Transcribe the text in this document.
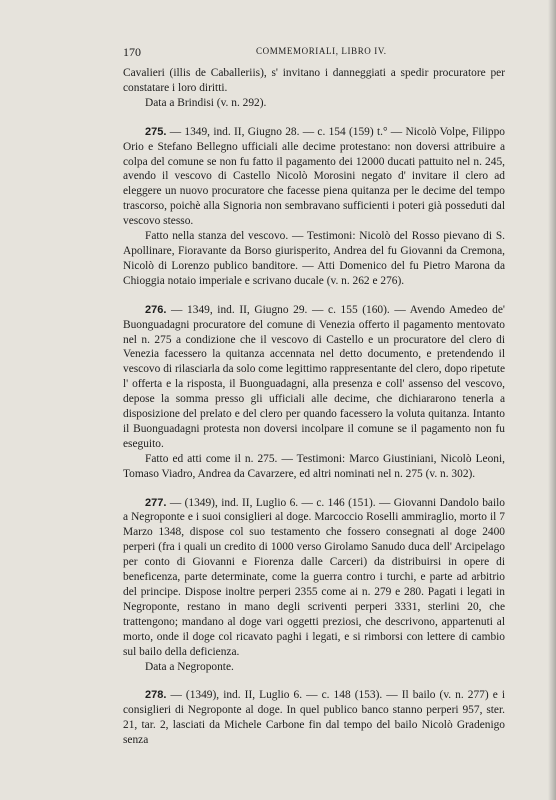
170	COMMEMORIALI, LIBRO IV.

Cavalieri (illis de Caballeriis), s' invitano i danneggiati a spedir procuratore per constatare i loro diritti.

Data a Brindisi (v. n. 292).

275. — 1349, ind. II, Giugno 28. — c. 154 (159) t.° — Nicolò Volpe, Filippo Orio e Stefano Bellegno ufficiali alle decime protestano: non doversi attribuire a colpa del comune se non fu fatto il pagamento dei 12000 ducati pattuito nel n. 245, avendo il vescovo di Castello Nicolò Morosini negato d' invitare il clero ad eleggere un nuovo procuratore che facesse piena quitanza per le decime del tempo trascorso, poichè alla Signoria non sembravano sufficienti i poteri già posseduti dal vescovo stesso.

Fatto nella stanza del vescovo. — Testimoni: Nicolò del Rosso pievano di S. Apollinare, Fioravante da Borso giurisperito, Andrea del fu Giovanni da Cremona, Nicolò di Lorenzo publico banditore. — Atti Domenico del fu Pietro Marona da Chioggia notaio imperiale e scrivano ducale (v. n. 262 e 276).

276. — 1349, ind. II, Giugno 29. — c. 155 (160). — Avendo Amedeo de' Buonguadagni procuratore del comune di Venezia offerto il pagamento mentovato nel n. 275 a condizione che il vescovo di Castello e un procuratore del clero di Venezia facessero la quitanza accennata nel detto documento, e pretendendo il vescovo di rilasciarla da solo come legittimo rappresentante del clero, dopo ripetute l' offerta e la risposta, il Buonguadagni, alla presenza e coll' assenso del vescovo, depose la somma presso gli ufficiali alle decime, che dichiararono tenerla a disposizione del prelato e del clero per quando facessero la voluta quitanza. Intanto il Buonguadagni protesta non doversi incolpare il comune se il pagamento non fu eseguito.

Fatto ed atti come il n. 275. — Testimoni: Marco Giustiniani, Nicolò Leoni, Tomaso Viadro, Andrea da Cavarzere, ed altri nominati nel n. 275 (v. n. 302).

277. — (1349), ind. II, Luglio 6. — c. 146 (151). — Giovanni Dandolo bailo a Negroponte e i suoi consiglieri al doge. Marcoccio Roselli ammiraglio, morto il 7 Marzo 1348, dispose col suo testamento che fossero consegnati al doge 2400 perperi (fra i quali un credito di 1000 verso Girolamo Sanudo duca dell' Arcipelago per conto di Giovanni e Fiorenza dalle Carceri) da distribuirsi in opere di beneficenza, parte determinate, come la guerra contro i turchi, e parte ad arbitrio del principe. Dispose inoltre perperi 2355 come ai n. 279 e 280. Pagati i legati in Negroponte, restano in mano degli scriventi perperi 3331, sterlini 20, che trattengono; mandano al doge vari oggetti preziosi, che descrivono, appartenuti al morto, onde il doge col ricavato paghi i legati, e si rimborsi con lettere di cambio sul bailo della deficienza.

Data a Negroponte.

278. — (1349), ind. II, Luglio 6. — c. 148 (153). — Il bailo (v. n. 277) e i consiglieri di Negroponte al doge. In quel publico banco stanno perperi 957, ster. 21, tar. 2, lasciati da Michele Carbone fin dal tempo del bailo Nicolò Gradenigo senza
